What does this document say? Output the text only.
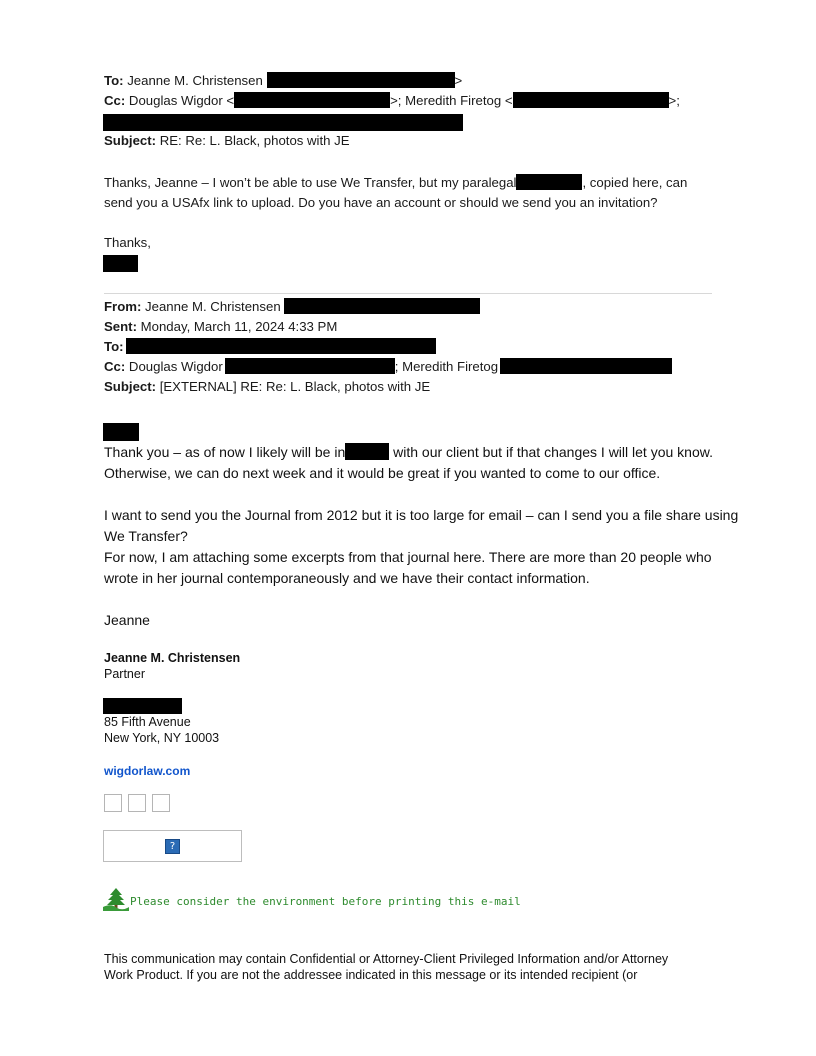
To: Jeanne M. Christensen	>
Cc: Douglas Wigdor <	>; Meredith Firetog <	>;
Subject: RE: Re: L. Black, photos with JE
Thanks, Jeanne – I won’t be able to use We Transfer, but my paralegal	, copied here, can
send you a USAfx link to upload. Do you have an account or should we send you an invitation?
Thanks,
From: Jeanne M. Christensen
Sent: Monday, March 11, 2024 4:33 PM
To:
Cc: Douglas Wigdor	; Meredith Firetog
Subject: [EXTERNAL] RE: Re: L. Black, photos with JE
Thank you – as of now I likely will be in	with our client but if that changes I will let you know.
Otherwise, we can do next week and it would be great if you wanted to come to our office.
I want to send you the Journal from 2012 but it is too large for email – can I send you a file share using
We Transfer?
For now, I am attaching some excerpts from that journal here. There are more than 20 people who
wrote in her journal contemporaneously and we have their contact information.
Jeanne
Jeanne M. Christensen
Partner
85 Fifth Avenue
New York, NY 10003
wigdorlaw.com
?
Please consider the environment before printing this e-mail
This communication may contain Confidential or Attorney-Client Privileged Information and/or Attorney
Work Product. If you are not the addressee indicated in this message or its intended recipient (or
